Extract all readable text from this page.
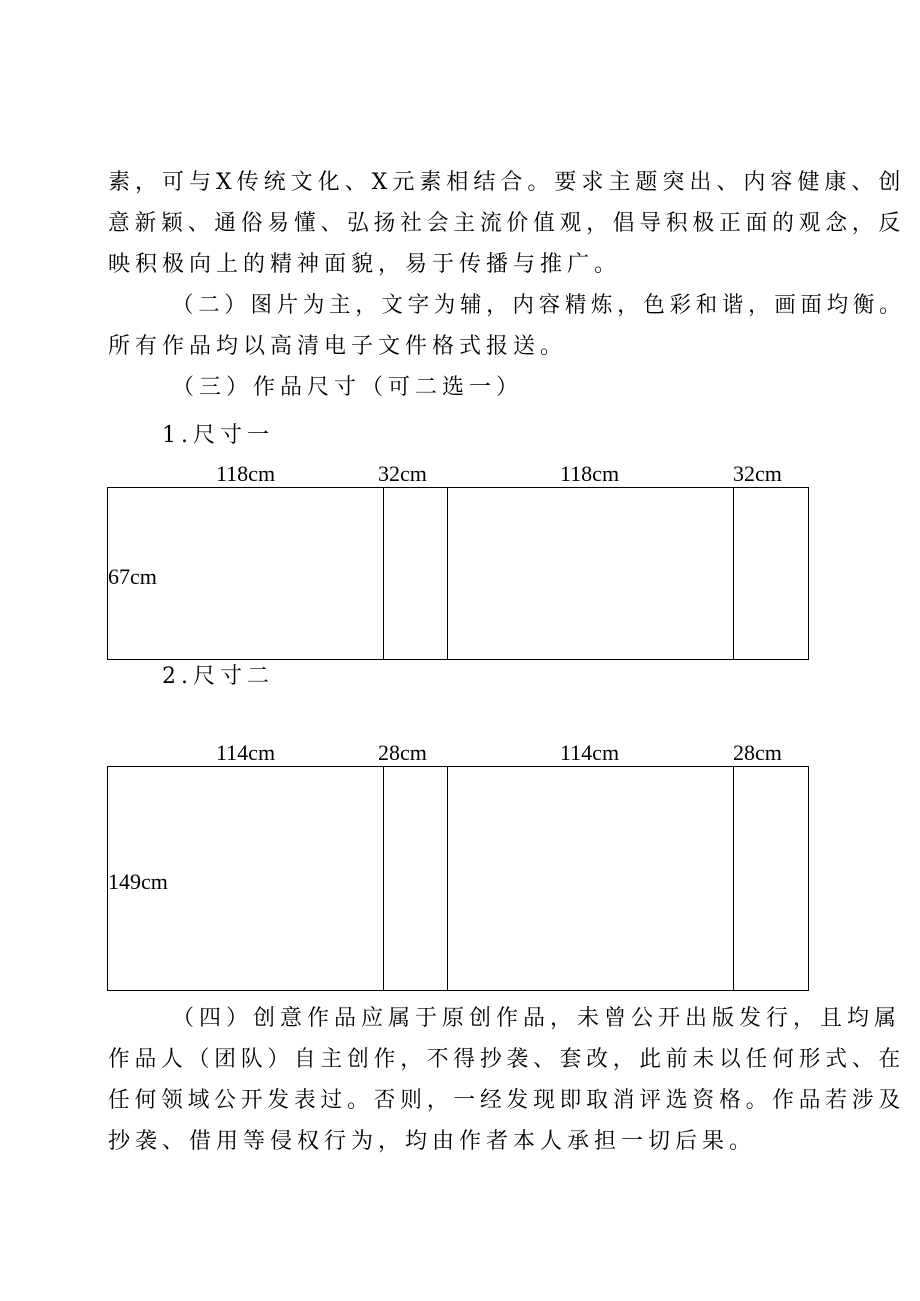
素，可与X传统文化、X元素相结合。要求主题突出、内容健康、创
意新颖、通俗易懂、弘扬社会主流价值观，倡导积极正面的观念，反
映积极向上的精神面貌，易于传播与推广。
（二）图片为主，文字为辅，内容精炼，色彩和谐，画面均衡。
所有作品均以高清电子文件格式报送。
（三）作品尺寸（可二选一）
1.尺寸一
118cm	32cm	118cm	32cm
67cm
2.尺寸二
114cm	28cm	114cm	28cm
149cm
（四）创意作品应属于原创作品，未曾公开出版发行，且均属
作品人（团队）自主创作，不得抄袭、套改，此前未以任何形式、在
任何领域公开发表过。否则，一经发现即取消评选资格。作品若涉及
抄袭、借用等侵权行为，均由作者本人承担一切后果。
